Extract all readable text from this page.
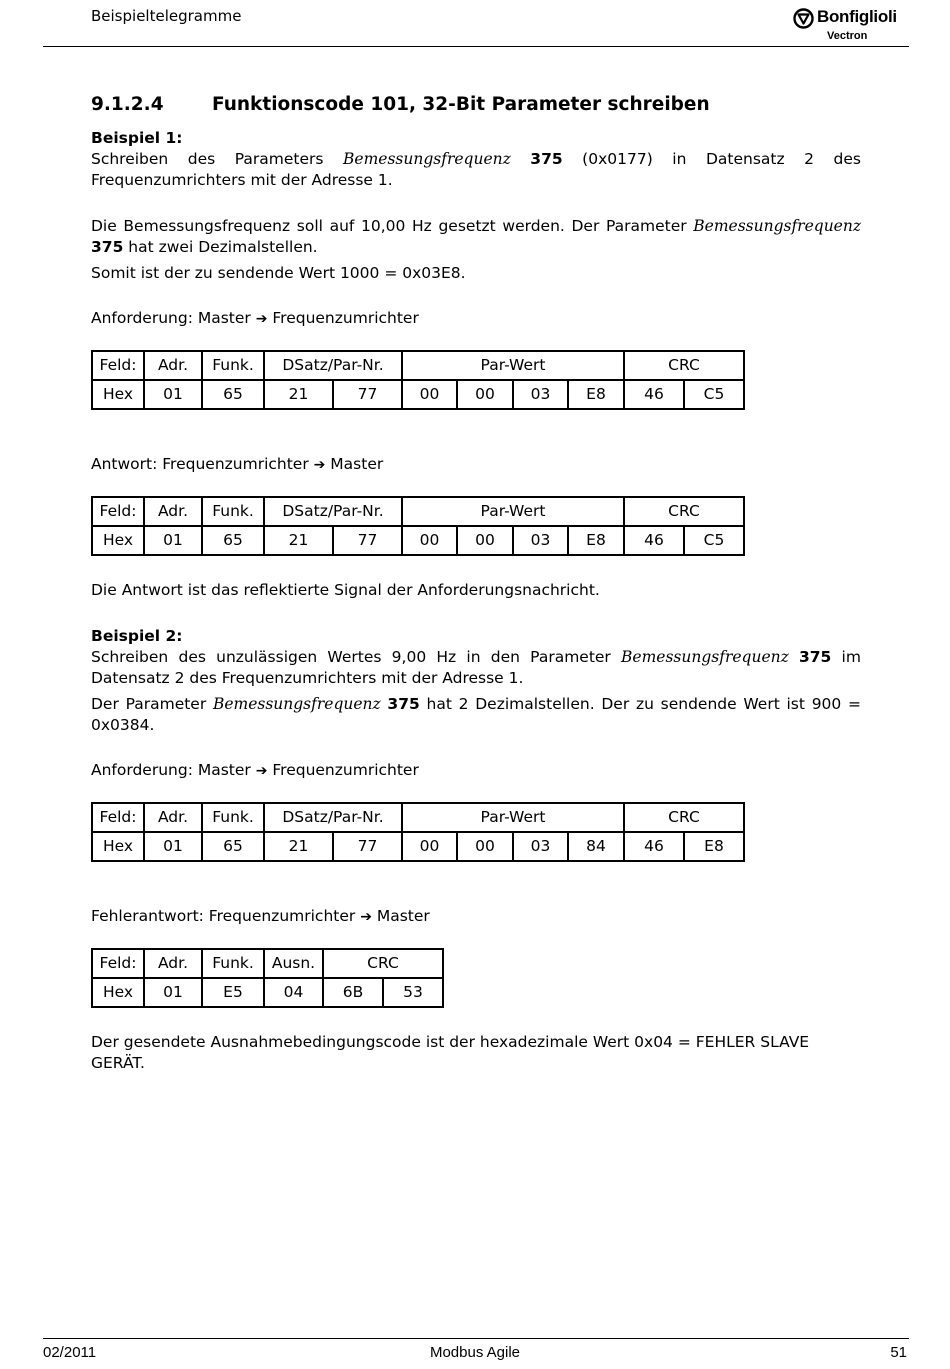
Beispieltelegramme	Bonfiglioli
Vectron
9.1.2.4	Funktionscode 101, 32-Bit Parameter schreiben

Beispiel 1:

Schreiben des Parameters Bemessungsfrequenz 375 (0x0177) in Datensatz 2 des Frequenzumrichters mit der Adresse 1.

Die Bemessungsfrequenz soll auf 10,00 Hz gesetzt werden. Der Parameter Bemessungsfrequenz 375 hat zwei Dezimalstellen.

Somit ist der zu sendende Wert 1000 = 0x03E8.

Anforderung: Master ➔ Frequenzumrichter

Feld:	Adr.	Funk.	DSatz/Par-Nr.		Par-Wert				CRC	
Hex	01	65	21	77	00	00	03	E8	46	C5

Antwort: Frequenzumrichter ➔ Master

Feld:	Adr.	Funk.	DSatz/Par-Nr.		Par-Wert				CRC	
Hex	01	65	21	77	00	00	03	E8	46	C5

Die Antwort ist das reflektierte Signal der Anforderungsnachricht.

Beispiel 2:

Schreiben des unzulässigen Wertes 9,00 Hz in den Parameter Bemessungsfrequenz 375 im Datensatz 2 des Frequenzumrichters mit der Adresse 1.

Der Parameter Bemessungsfrequenz 375 hat 2 Dezimalstellen. Der zu sendende Wert ist 900 = 0x0384.

Anforderung: Master ➔ Frequenzumrichter

Feld:	Adr.	Funk.	DSatz/Par-Nr.		Par-Wert				CRC	
Hex	01	65	21	77	00	00	03	84	46	E8

Fehlerantwort: Frequenzumrichter ➔ Master

Feld:	Adr.	Funk.	Ausn.	CRC	
Hex	01	E5	04	6B	53

Der gesendete Ausnahmebedingungscode ist der hexadezimale Wert 0x04 = FEHLER SLAVE GERÄT.

02/2011	Modbus Agile	51
